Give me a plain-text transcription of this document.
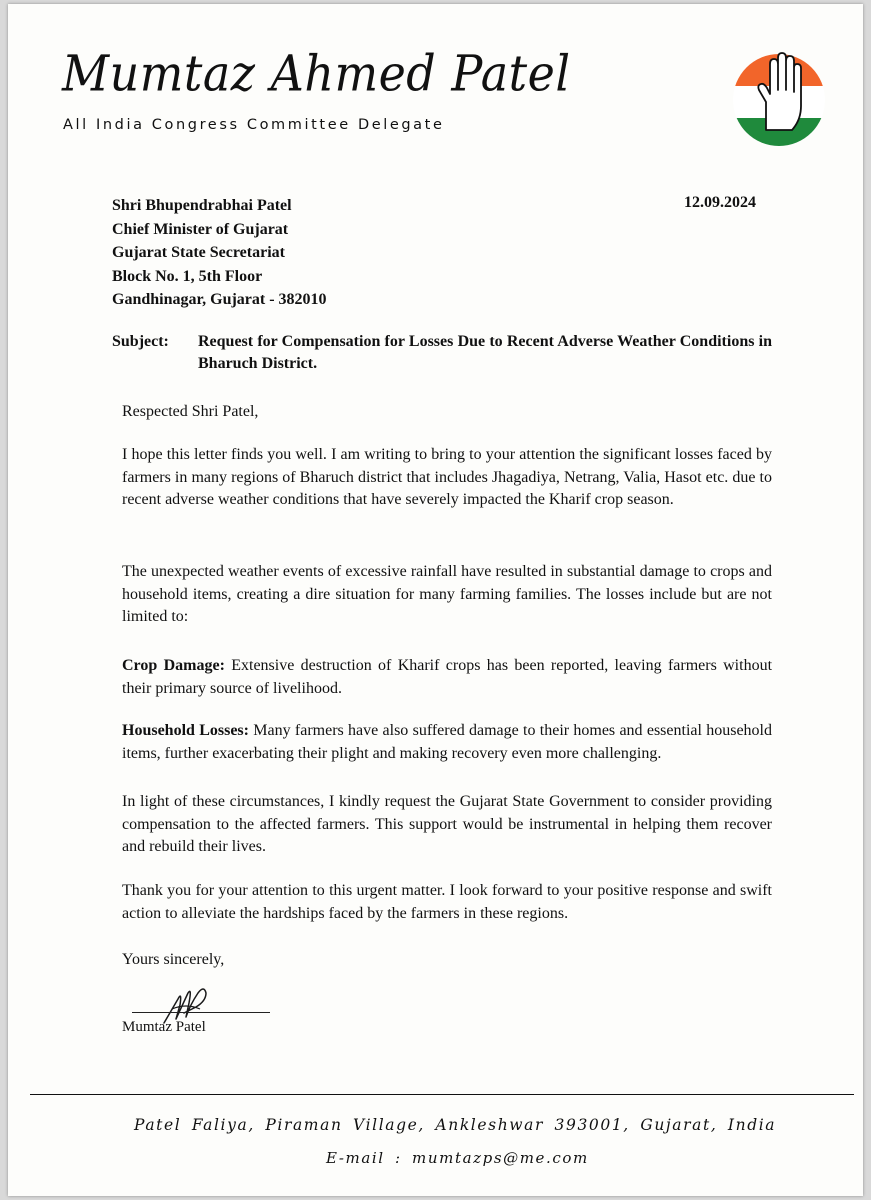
Mumtaz Ahmed Patel
All India Congress Committee Delegate
12.09.2024
Shri Bhupendrabhai Patel
Chief Minister of Gujarat
Gujarat State Secretariat
Block No. 1, 5th Floor
Gandhinagar, Gujarat - 382010
Subject: Request for Compensation for Losses Due to Recent Adverse Weather Conditions in Bharuch District.
Respected Shri Patel,
I hope this letter finds you well. I am writing to bring to your attention the significant losses faced by farmers in many regions of Bharuch district that includes Jhagadiya, Netrang, Valia, Hasot etc. due to recent adverse weather conditions that have severely impacted the Kharif crop season.
The unexpected weather events of excessive rainfall have resulted in substantial damage to crops and household items, creating a dire situation for many farming families. The losses include but are not limited to:
Crop Damage: Extensive destruction of Kharif crops has been reported, leaving farmers without their primary source of livelihood.
Household Losses: Many farmers have also suffered damage to their homes and essential household items, further exacerbating their plight and making recovery even more challenging.
In light of these circumstances, I kindly request the Gujarat State Government to consider providing compensation to the affected farmers. This support would be instrumental in helping them recover and rebuild their lives.
Thank you for your attention to this urgent matter. I look forward to your positive response and swift action to alleviate the hardships faced by the farmers in these regions.
Yours sincerely,
Mumtaz Patel
Patel Faliya, Piraman Village, Ankleshwar 393001, Gujarat, India
E-mail : mumtazps@me.com
